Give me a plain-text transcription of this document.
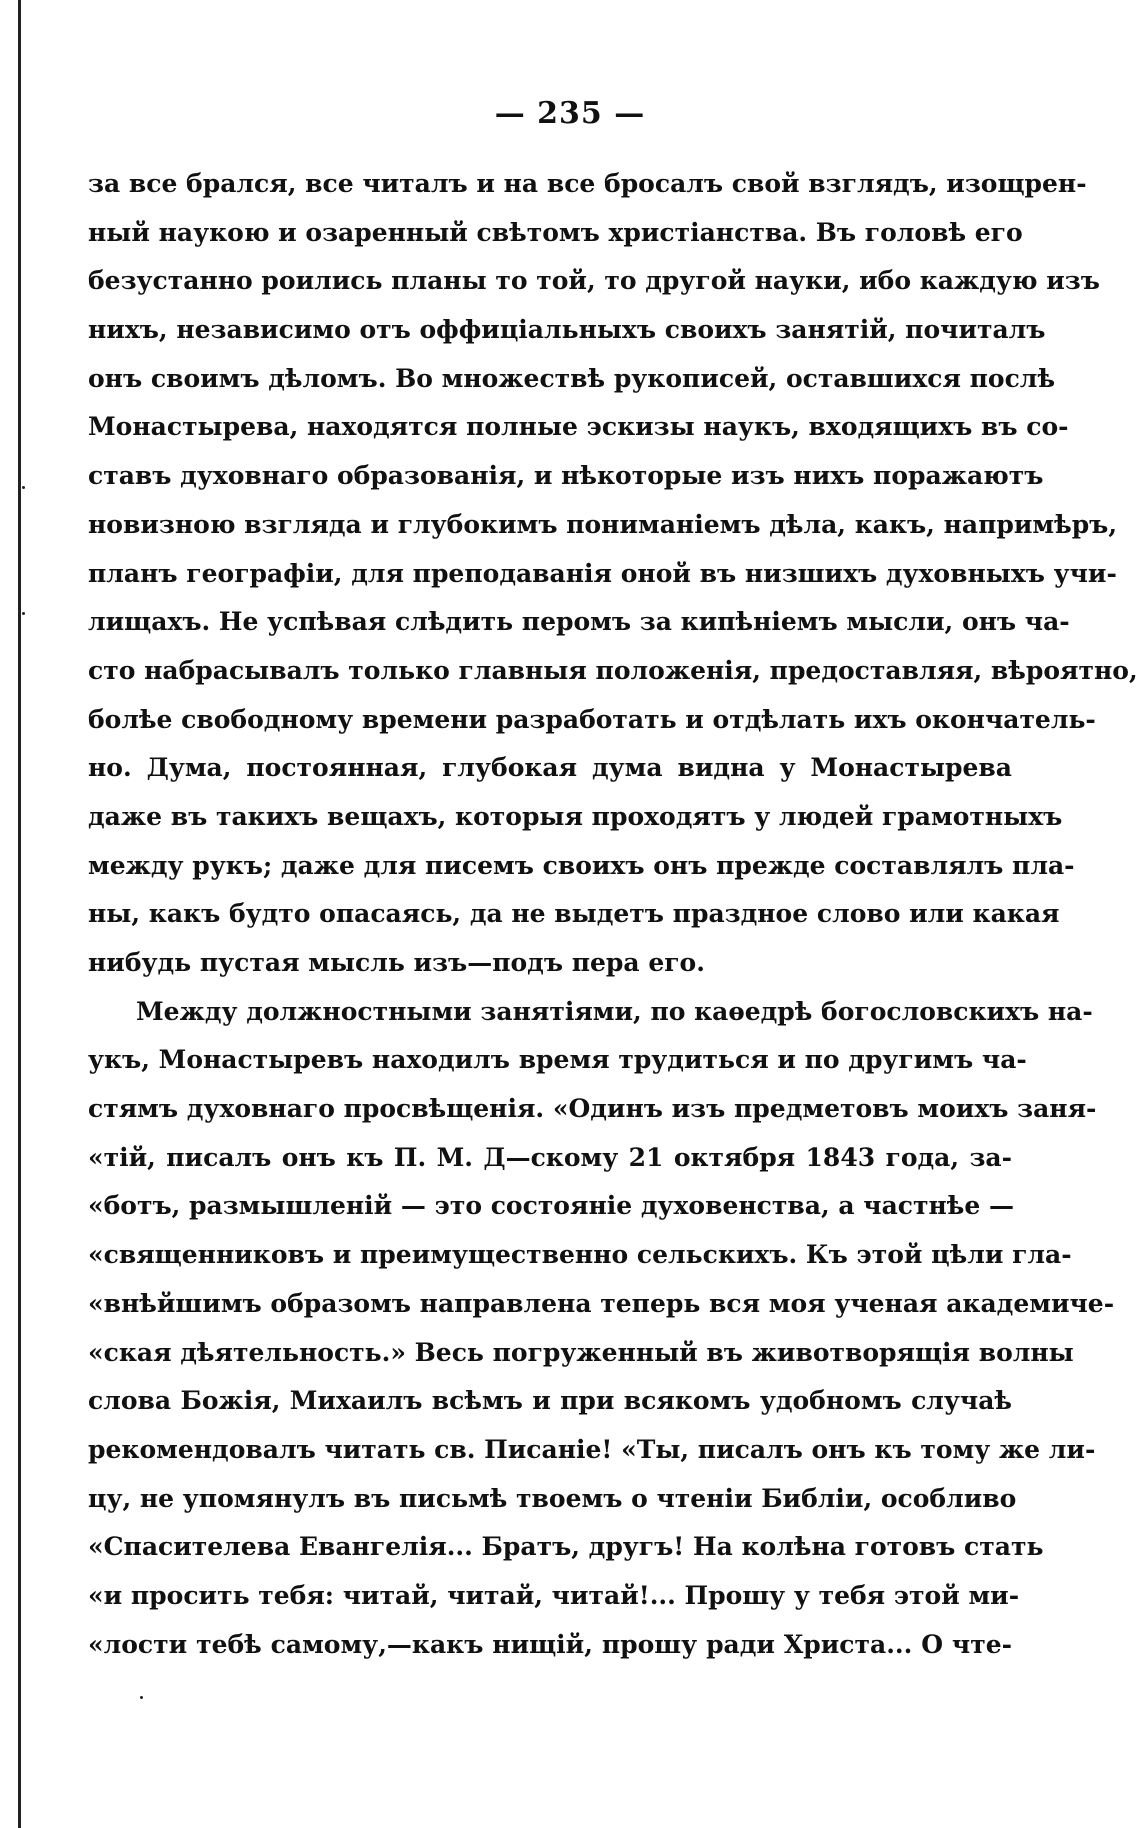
— 235 —
за все брался, все читалъ и на все бросалъ свой взглядъ, изощрен-
ный наукою и озаренный свѣтомъ христіанства. Въ головѣ его
безустанно роились планы то той, то другой науки, ибо каждую изъ
нихъ, независимо отъ оффиціальныхъ своихъ занятій, почиталъ
онъ своимъ дѣломъ. Во множествѣ рукописей, оставшихся послѣ
Монастырева, находятся полные эскизы наукъ, входящихъ въ со-
ставъ духовнаго образованія, и нѣкоторые изъ нихъ поражаютъ
новизною взгляда и глубокимъ пониманіемъ дѣла, какъ, напримѣръ,
планъ географіи, для преподаванія оной въ низшихъ духовныхъ учи-
лищахъ. Не успѣвая слѣдить перомъ за кипѣніемъ мысли, онъ ча-
сто набрасывалъ только главныя положенія, предоставляя, вѣроятно,
болѣе свободному времени разработать и отдѣлать ихъ окончатель-
но. Дума, постоянная, глубокая дума видна у Монастырева
даже въ такихъ вещахъ, которыя проходятъ у людей грамотныхъ
между рукъ; даже для писемъ своихъ онъ прежде составлялъ пла-
ны, какъ будто опасаясь, да не выдетъ праздное слово или какая
нибудь пустая мысль изъ—подъ пера его.
Между должностными занятіями, по каѳедрѣ богословскихъ на-
укъ, Монастыревъ находилъ время трудиться и по другимъ ча-
стямъ духовнаго просвѣщенія. «Одинъ изъ предметовъ моихъ заня-
«тій, писалъ онъ къ П. М. Д—скому 21 октября 1843 года, за-
«ботъ, размышленій — это состояніе духовенства, а частнѣе —
«священниковъ и преимущественно сельскихъ. Къ этой цѣли гла-
«внѣйшимъ образомъ направлена теперь вся моя ученая академиче-
«ская дѣятельность.» Весь погруженный въ животворящія волны
слова Божія, Михаилъ всѣмъ и при всякомъ удобномъ случаѣ
рекомендовалъ читать св. Писаніе! «Ты, писалъ онъ къ тому же ли-
цу, не упомянулъ въ письмѣ твоемъ о чтеніи Библіи, особливо
«Спасителева Евангелія... Братъ, другъ! На колѣна готовъ стать
«и просить тебя: читай, читай, читай!... Прошу у тебя этой ми-
«лости тебѣ самому,—какъ нищій, прошу ради Христа... О чте-
